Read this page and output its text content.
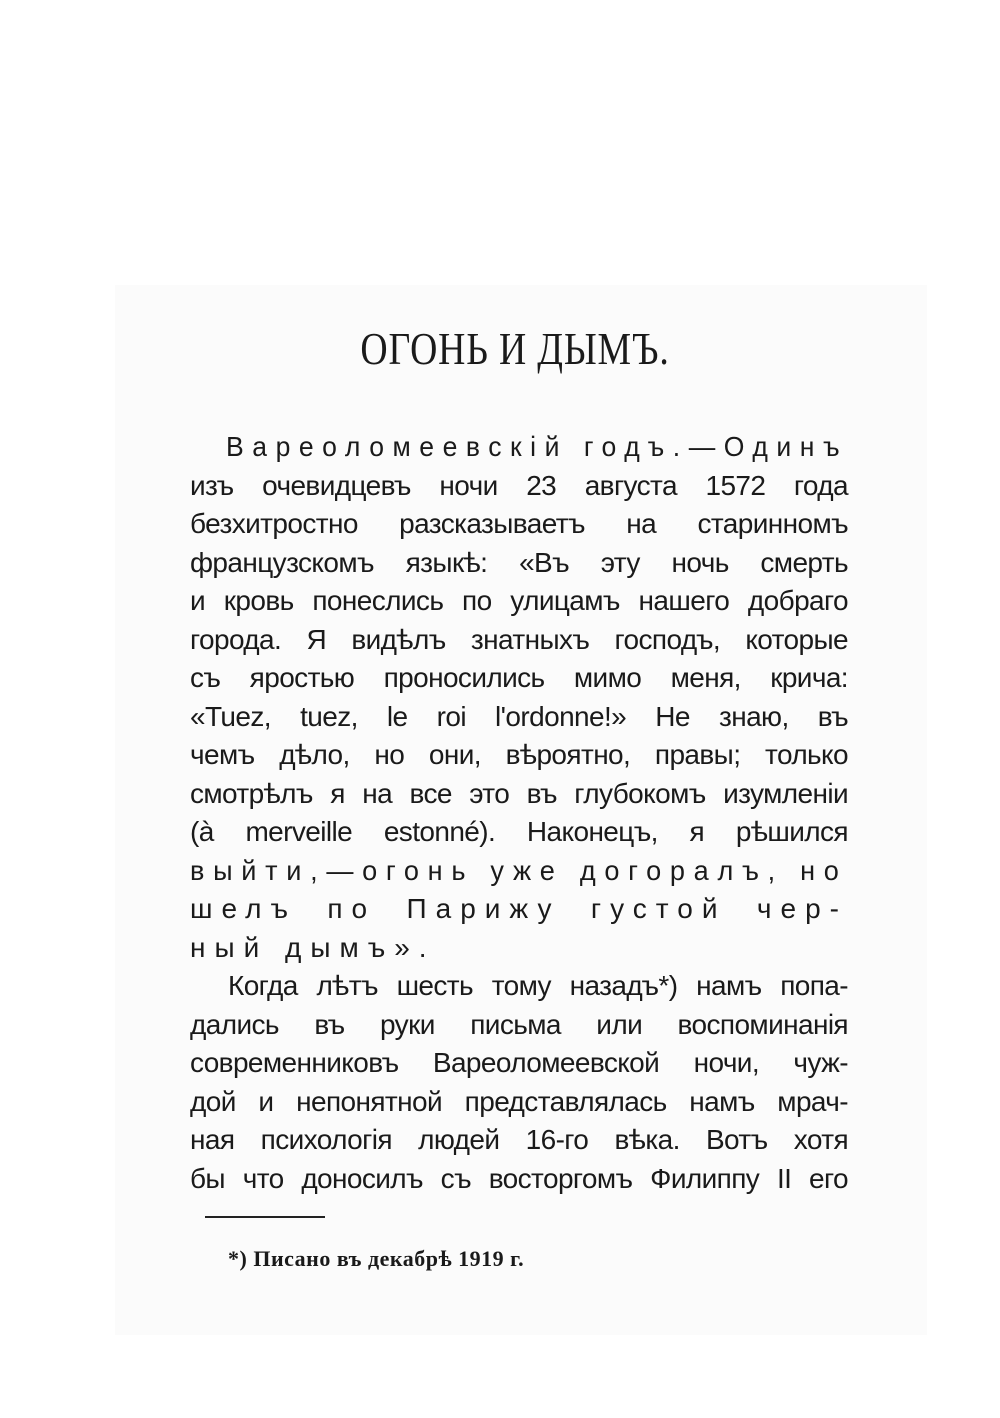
ОГОНЬ И ДЫМЪ.
Вареоломеевскій годъ.—Одинъ
изъ очевидцевъ ночи 23 августа 1572 года
безхитростно разсказываетъ на старинномъ
французскомъ языкѣ: «Въ эту ночь смерть
и кровь понеслись по улицамъ нашего добраго
города. Я видѣлъ знатныхъ господъ, которые
съ яростью проносились мимо меня, крича:
«Tuez, tuez, le roi l'ordonne!» Не знаю, въ
чемъ дѣло, но они, вѣроятно, правы; только
смотрѣлъ я на все это въ глубокомъ изумленіи
(à merveille estonné). Наконецъ, я рѣшился
выйти,—огонь уже догоралъ, но
шелъ по Парижу густой чер-
ный дымъ».
Когда лѣтъ шесть тому назадъ*) намъ попа-
дались въ руки письма или воспоминанія
современниковъ Вареоломеевской ночи, чуж-
дой и непонятной представлялась намъ мрач-
ная психологія людей 16-го вѣка. Вотъ хотя
бы что доносилъ съ восторгомъ Филиппу II его
*) Писано въ декабрѣ 1919 г.
